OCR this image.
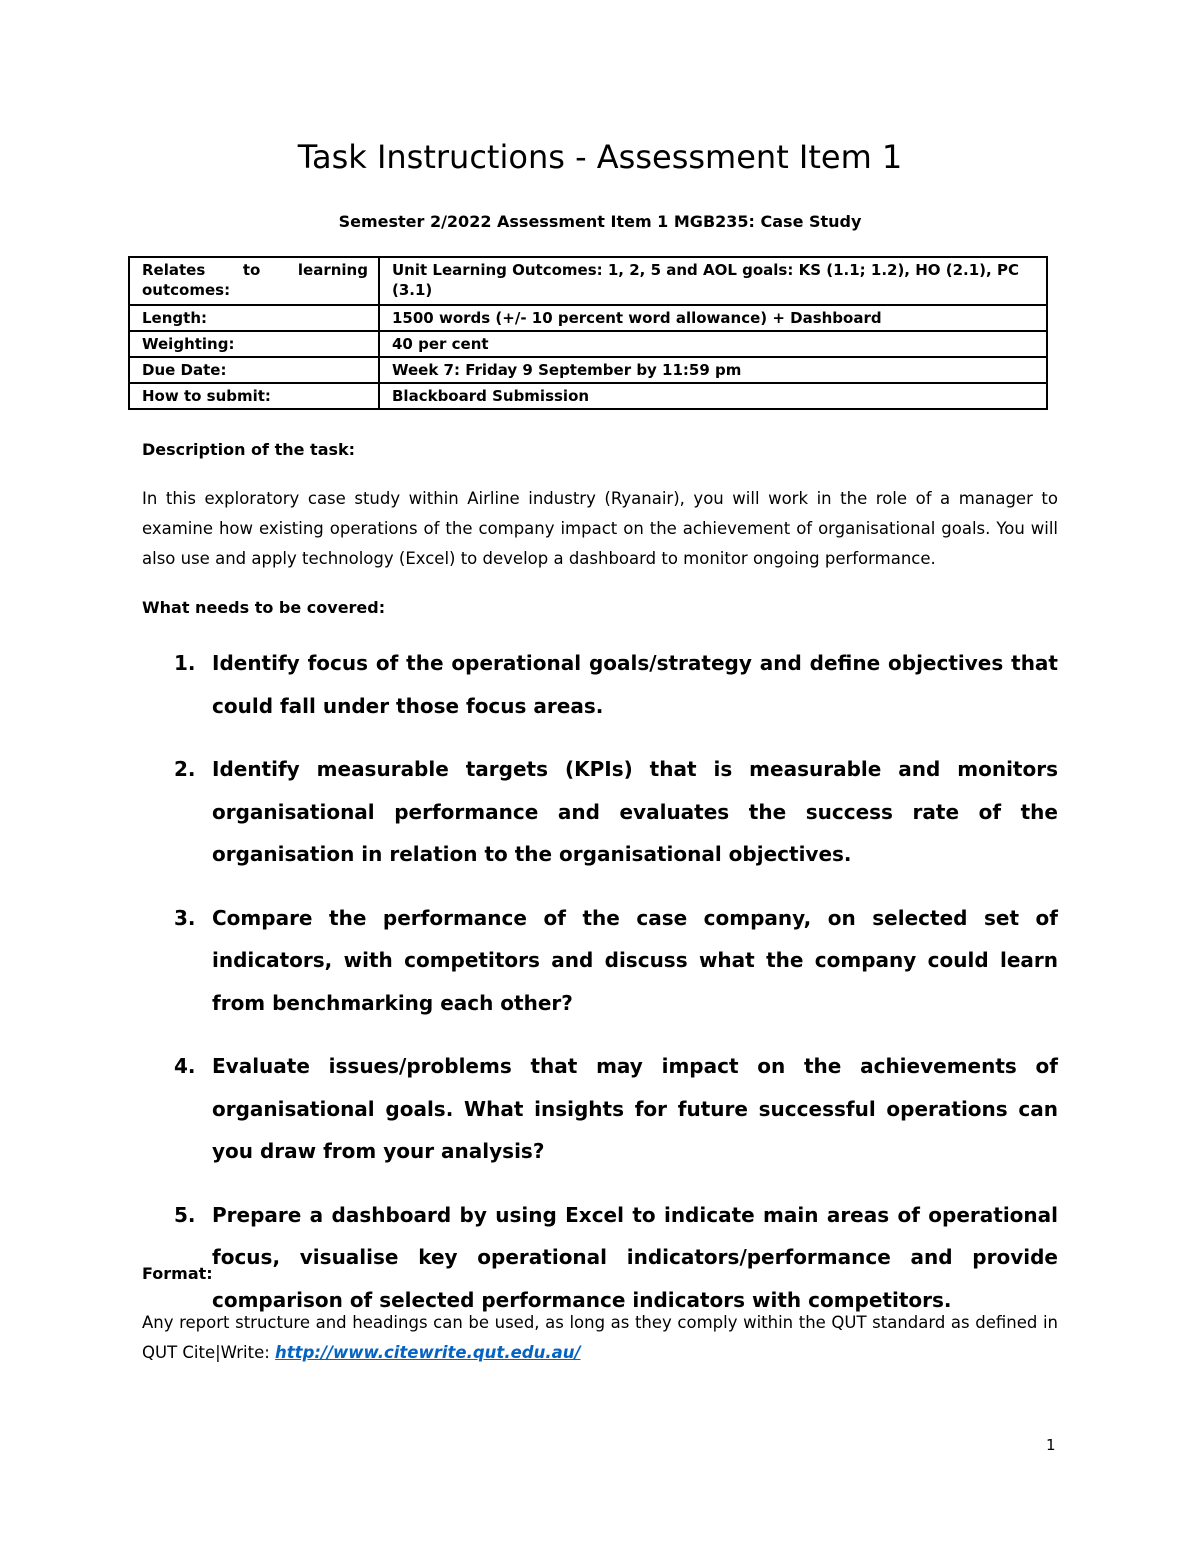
Task Instructions - Assessment Item 1
Semester 2/2022 Assessment Item 1 MGB235: Case Study
Relates to learning
outcomes:	Unit Learning Outcomes: 1, 2, 5 and AOL goals: KS (1.1; 1.2), HO (2.1), PC (3.1)
Length:	1500 words (+/- 10 percent word allowance) + Dashboard
Weighting:	40 per cent
Due Date:	Week 7: Friday 9 September by 11:59 pm
How to submit:	Blackboard Submission
Description of the task:
In this exploratory case study within Airline industry (Ryanair), you will work in the role of a manager to examine how existing operations of the company impact on the achievement of organisational goals. You will also use and apply technology (Excel) to develop a dashboard to monitor ongoing performance.
What needs to be covered:
1. Identify focus of the operational goals/strategy and define objectives that could fall under those focus areas.
2. Identify measurable targets (KPIs) that is measurable and monitors organisational performance and evaluates the success rate of the organisation in relation to the organisational objectives.
3. Compare the performance of the case company, on selected set of indicators, with competitors and discuss what the company could learn from benchmarking each other?
4. Evaluate issues/problems that may impact on the achievements of organisational goals. What insights for future successful operations can you draw from your analysis?
5. Prepare a dashboard by using Excel to indicate main areas of operational focus, visualise key operational indicators/performance and provide comparison of selected performance indicators with competitors.
Format:
Any report structure and headings can be used, as long as they comply within the QUT standard as defined in QUT Cite|Write: http://www.citewrite.qut.edu.au/
1
